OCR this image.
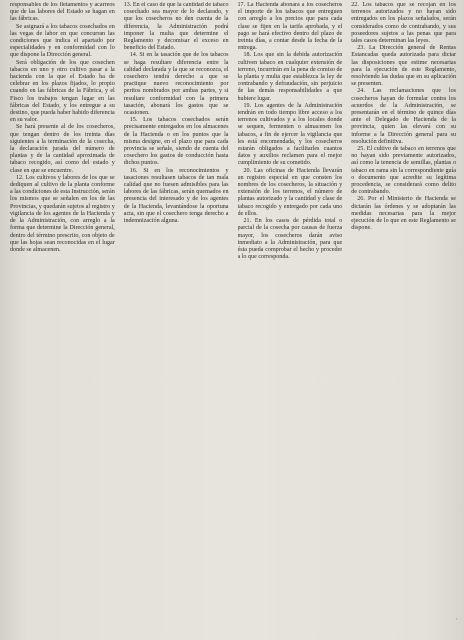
responsables de los fletamentos y acarreos que de las labores del Estado se hagan en las fábricas.

Se asignará a los tabacos cosechados en las vegas de labor en que concurran las condiciones que indica el apartado por especialidades y en conformidad con lo que dispone la Dirección general.

Será obligación de los que cosechen tabacos en uno y otro cultivo pasar a la hacienda con la que el Estado ha de celebrar en los plazos fijados, lo propio cuando en las fábricas de la Fábrica, y el Fisco los trabajos tengan lugar en las fábricas del Estado, y los entregue a su destino, que pueda haber habido diferencia en su valor.

Se hará presente al de los cosecheros, que tengan dentro de los treinta días siguientes a la terminación de la cosecha, la declaración jurada del número de plantas y de la cantidad aproximada de tabaco recogido, así como del estado y clase en que se encuentre.

12. Los cultivos y labores de los que se dediquen al cultivo de la planta conforme a las condiciones de esta Instrucción, serán los mismos que se señalen en los de las Provincias, y quedarán sujetos al registro y vigilancia de los agentes de la Hacienda y de la Administración, con arreglo a la forma que determine la Dirección general, dentro del término prescrito, con objeto de que las hojas sean reconocidas en el lugar donde se almacenen.

13. En el caso de que la cantidad de tabaco cosechado sea mayor de lo declarado, y que los cosecheros no den cuenta de la diferencia, la Administración podrá imponer la multa que determine el Reglamento y decomisar el exceso en beneficio del Estado.

14. Si en la tasación que de los tabacos se haga resultare diferencia entre la calidad declarada y la que se reconozca, el cosechero tendrá derecho a que se practique nuevo reconocimiento por peritos nombrados por ambas partes, y si resultare conformidad con la primera tasación, abonará los gastos que se ocasionen.

15. Los tabacos cosechados serán precisamente entregados en los almacenes de la Hacienda o en los puntos que la misma designe, en el plazo que para cada provincia se señale, siendo de cuenta del cosechero los gastos de conducción hasta dichos puntos.

16. Si en los reconocimientos y tasaciones resultasen tabacos de tan mala calidad que no fuesen admisibles para las labores de las fábricas, serán quemados en presencia del interesado y de los agentes de la Hacienda, levantándose la oportuna acta, sin que el cosechero tenga derecho a indemnización alguna.

17. La Hacienda abonará a los cosecheros el importe de los tabacos que entreguen con arreglo a los precios que para cada clase se fijen en la tarifa aprobada, y el pago se hará efectivo dentro del plazo de treinta días, a contar desde la fecha de la entrega.

18. Los que sin la debida autorización cultiven tabaco en cualquier extensión de terreno, incurrirán en la pena de comiso de la planta y multa que establezca la ley de contrabando y defraudación, sin perjuicio de las demás responsabilidades a que hubiere lugar.

19. Los agentes de la Administración tendrán en todo tiempo libre acceso a los terrenos cultivados y a los locales donde se sequen, fermenten o almacenen los tabacos, a fin de ejercer la vigilancia que les está encomendada, y los cosecheros estarán obligados a facilitarles cuantos datos y auxilios reclamen para el mejor cumplimiento de su cometido.

20. Las oficinas de Hacienda llevarán un registro especial en que consten los nombres de los cosecheros, la situación y extensión de los terrenos, el número de plantas autorizado y la cantidad y clase de tabaco recogido y entregado por cada uno de ellos.

21. En los casos de pérdida total o parcial de la cosecha por causas de fuerza mayor, los cosecheros darán aviso inmediato a la Administración, para que ésta pueda comprobar el hecho y proceder a lo que corresponda.

22. Los tabacos que se recojan en los terrenos autorizados y no hayan sido entregados en los plazos señalados, serán considerados como de contrabando, y sus poseedores sujetos a las penas que para tales casos determinan las leyes.

23. La Dirección general de Rentas Estancadas queda autorizada para dictar las disposiciones que estime necesarias para la ejecución de este Reglamento, resolviendo las dudas que en su aplicación se presenten.

24. Las reclamaciones que los cosecheros hayan de formular contra los acuerdos de la Administración, se presentarán en el término de quince días ante el Delegado de Hacienda de la provincia, quien las elevará con su informe a la Dirección general para su resolución definitiva.

25. El cultivo de tabaco en terrenos que no hayan sido previamente autorizados, así como la tenencia de semillas, plantas o tabaco en rama sin la correspondiente guía o documento que acredite su legítima procedencia, se considerará como delito de contrabando.

26. Por el Ministerio de Hacienda se dictarán las órdenes y se adoptarán las medidas necesarias para la mejor ejecución de lo que en este Reglamento se dispone.

·
